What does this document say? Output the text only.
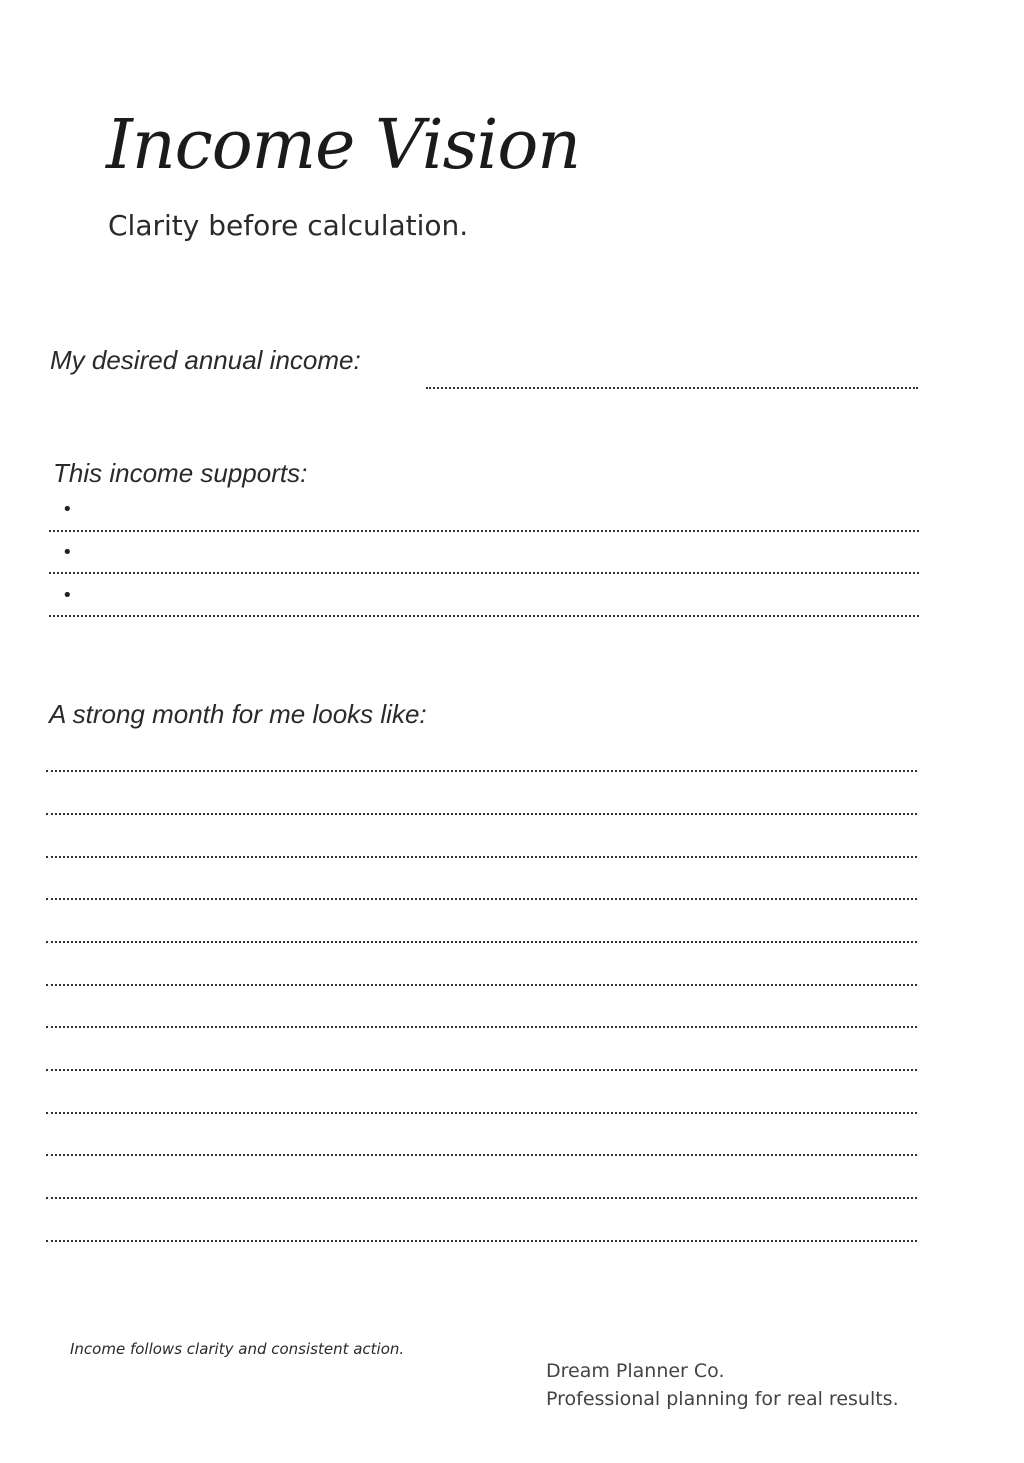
Income Vision
Clarity before calculation.
My desired annual income:
This income supports:
•
•
•
A strong month for me looks like:
Income follows clarity and consistent action.
Dream Planner Co.
Professional planning for real results.
